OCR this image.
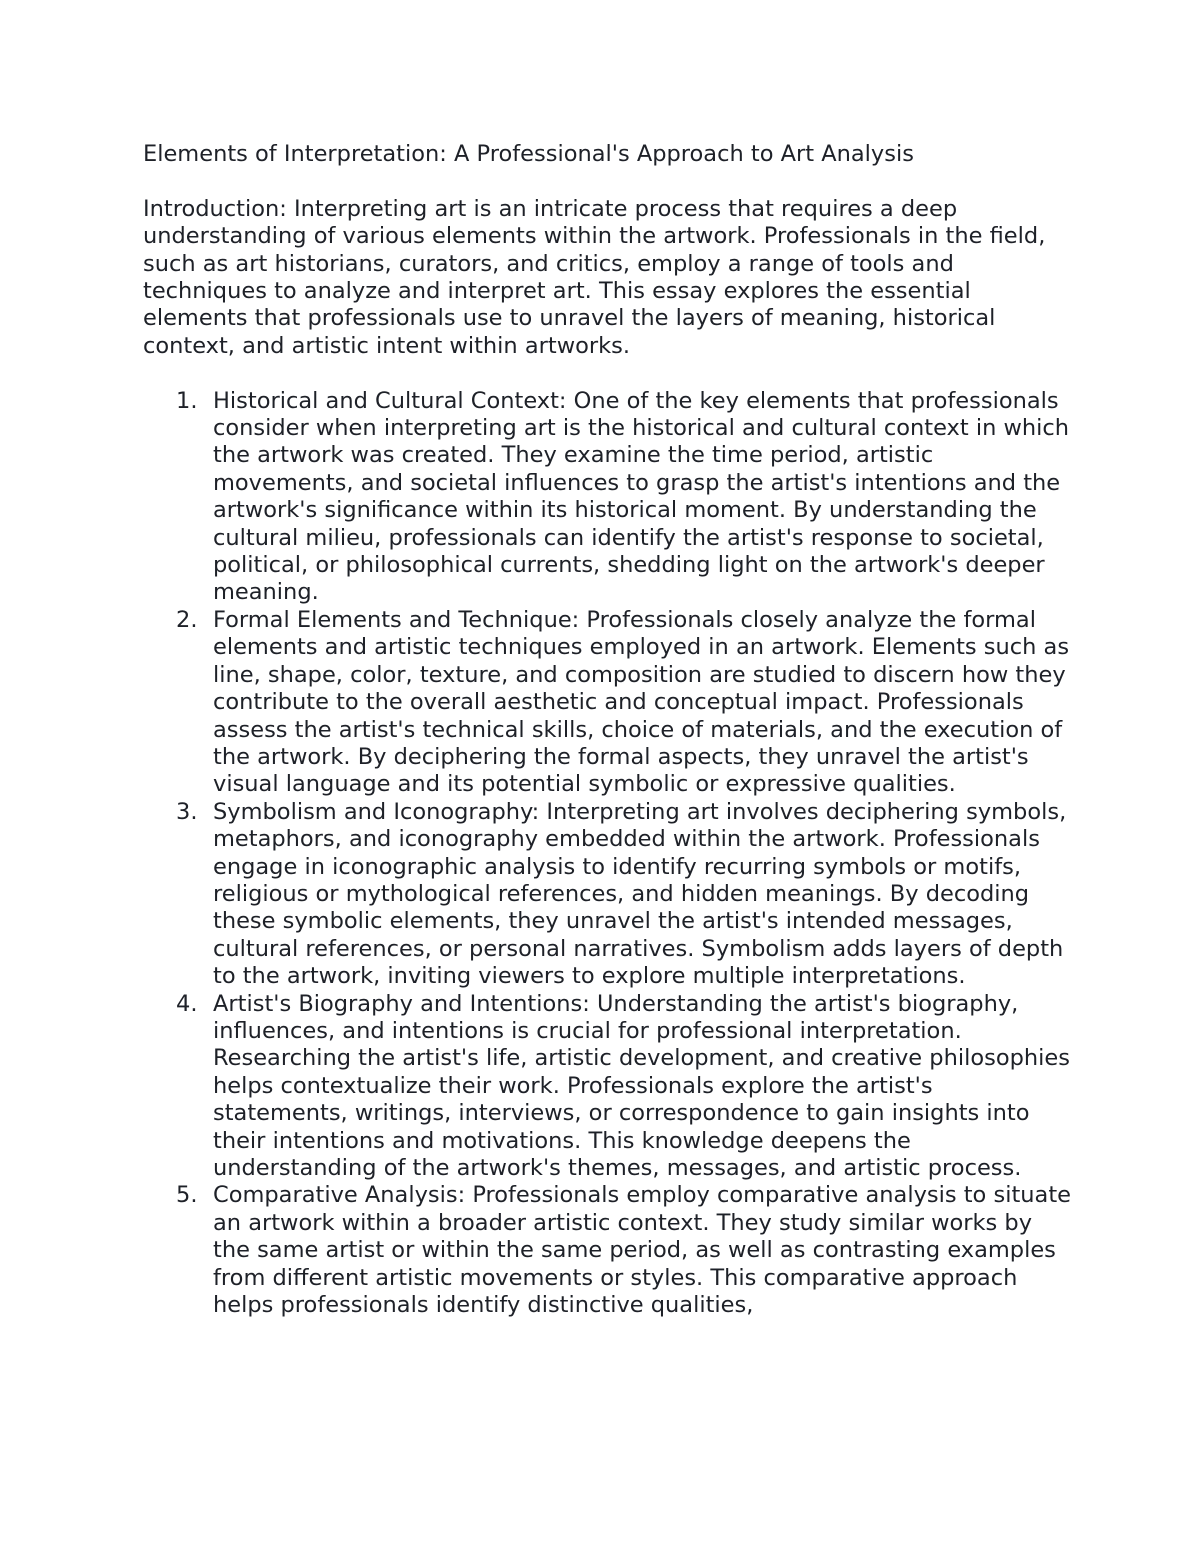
Elements of Interpretation: A Professional's Approach to Art Analysis

Introduction: Interpreting art is an intricate process that requires a deep understanding of various elements within the artwork. Professionals in the field, such as art historians, curators, and critics, employ a range of tools and techniques to analyze and interpret art. This essay explores the essential elements that professionals use to unravel the layers of meaning, historical context, and artistic intent within artworks.

1. Historical and Cultural Context: One of the key elements that professionals consider when interpreting art is the historical and cultural context in which the artwork was created. They examine the time period, artistic movements, and societal influences to grasp the artist's intentions and the artwork's significance within its historical moment. By understanding the cultural milieu, professionals can identify the artist's response to societal, political, or philosophical currents, shedding light on the artwork's deeper meaning.
2. Formal Elements and Technique: Professionals closely analyze the formal elements and artistic techniques employed in an artwork. Elements such as line, shape, color, texture, and composition are studied to discern how they contribute to the overall aesthetic and conceptual impact. Professionals assess the artist's technical skills, choice of materials, and the execution of the artwork. By deciphering the formal aspects, they unravel the artist's visual language and its potential symbolic or expressive qualities.
3. Symbolism and Iconography: Interpreting art involves deciphering symbols, metaphors, and iconography embedded within the artwork. Professionals engage in iconographic analysis to identify recurring symbols or motifs, religious or mythological references, and hidden meanings. By decoding these symbolic elements, they unravel the artist's intended messages, cultural references, or personal narratives. Symbolism adds layers of depth to the artwork, inviting viewers to explore multiple interpretations.
4. Artist's Biography and Intentions: Understanding the artist's biography, influences, and intentions is crucial for professional interpretation. Researching the artist's life, artistic development, and creative philosophies helps contextualize their work. Professionals explore the artist's statements, writings, interviews, or correspondence to gain insights into their intentions and motivations. This knowledge deepens the understanding of the artwork's themes, messages, and artistic process.
5. Comparative Analysis: Professionals employ comparative analysis to situate an artwork within a broader artistic context. They study similar works by the same artist or within the same period, as well as contrasting examples from different artistic movements or styles. This comparative approach helps professionals identify distinctive qualities,
